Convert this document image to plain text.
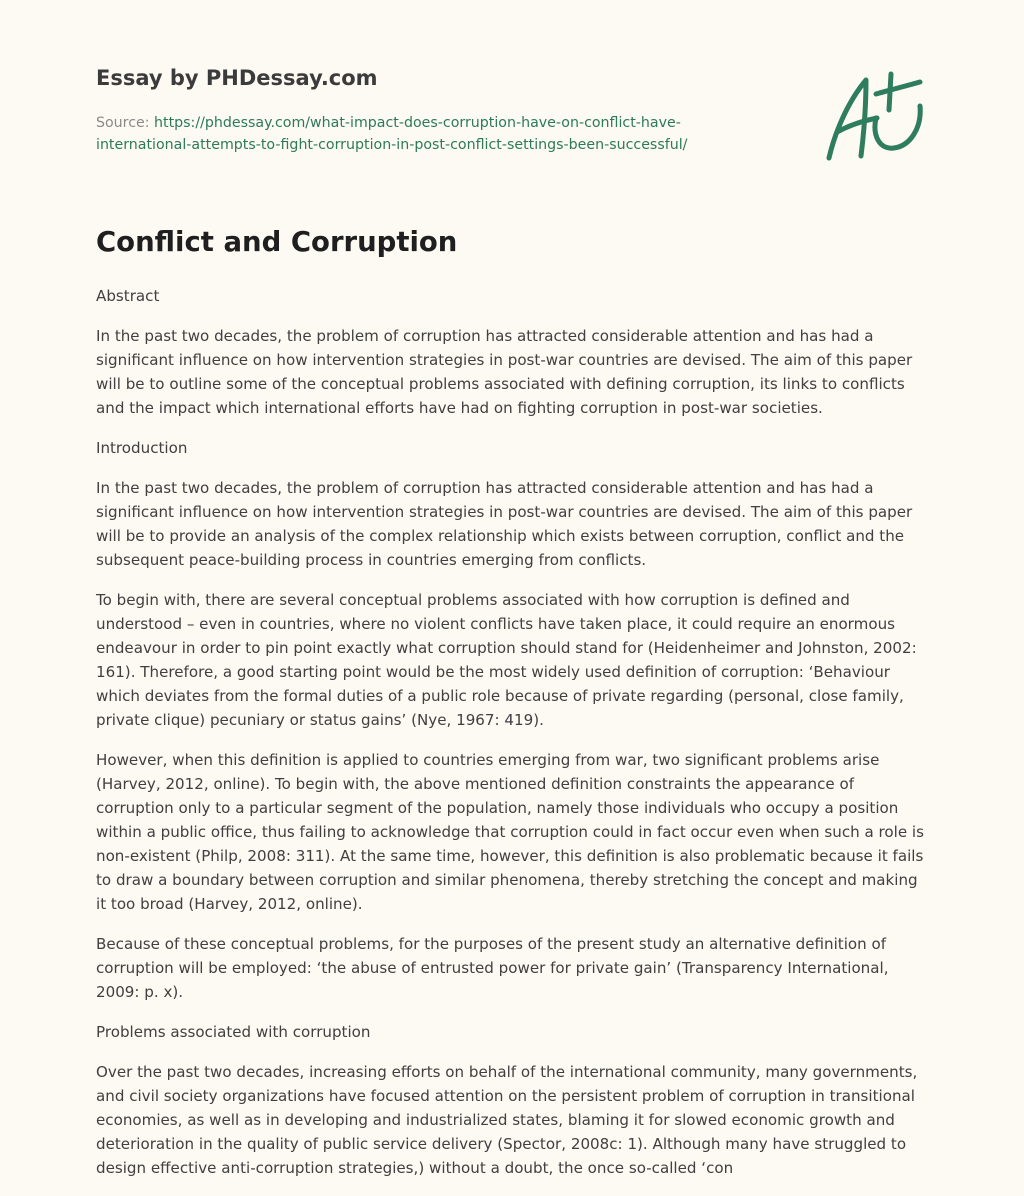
Essay by PHDessay.com
Source: https://phdessay.com/what-impact-does-corruption-have-on-conflict-have-international-attempts-to-fight-corruption-in-post-conflict-settings-been-successful/
Conflict and Corruption

Abstract

In the past two decades, the problem of corruption has attracted considerable attention and has had a significant influence on how intervention strategies in post-war countries are devised. The aim of this paper will be to outline some of the conceptual problems associated with defining corruption, its links to conflicts and the impact which international efforts have had on fighting corruption in post-war societies.

Introduction

In the past two decades, the problem of corruption has attracted considerable attention and has had a significant influence on how intervention strategies in post-war countries are devised. The aim of this paper will be to provide an analysis of the complex relationship which exists between corruption, conflict and the subsequent peace-building process in countries emerging from conflicts.

To begin with, there are several conceptual problems associated with how corruption is defined and understood – even in countries, where no violent conflicts have taken place, it could require an enormous endeavour in order to pin point exactly what corruption should stand for (Heidenheimer and Johnston, 2002: 161). Therefore, a good starting point would be the most widely used definition of corruption: ‘Behaviour which deviates from the formal duties of a public role because of private regarding (personal, close family, private clique) pecuniary or status gains’ (Nye, 1967: 419).

However, when this definition is applied to countries emerging from war, two significant problems arise (Harvey, 2012, online). To begin with, the above mentioned definition constraints the appearance of corruption only to a particular segment of the population, namely those individuals who occupy a position within a public office, thus failing to acknowledge that corruption could in fact occur even when such a role is non-existent (Philp, 2008: 311). At the same time, however, this definition is also problematic because it fails to draw a boundary between corruption and similar phenomena, thereby stretching the concept and making it too broad (Harvey, 2012, online).

Because of these conceptual problems, for the purposes of the present study an alternative definition of corruption will be employed: ‘the abuse of entrusted power for private gain’ (Transparency International, 2009: p. x).

Problems associated with corruption

Over the past two decades, increasing efforts on behalf of the international community, many governments, and civil society organizations have focused attention on the persistent problem of corruption in transitional economies, as well as in developing and industrialized states, blaming it for slowed economic growth and deterioration in the quality of public service delivery (Spector, 2008c: 1). Although many have struggled to design effective anti-corruption strategies,) without a doubt, the once so-called ‘con
